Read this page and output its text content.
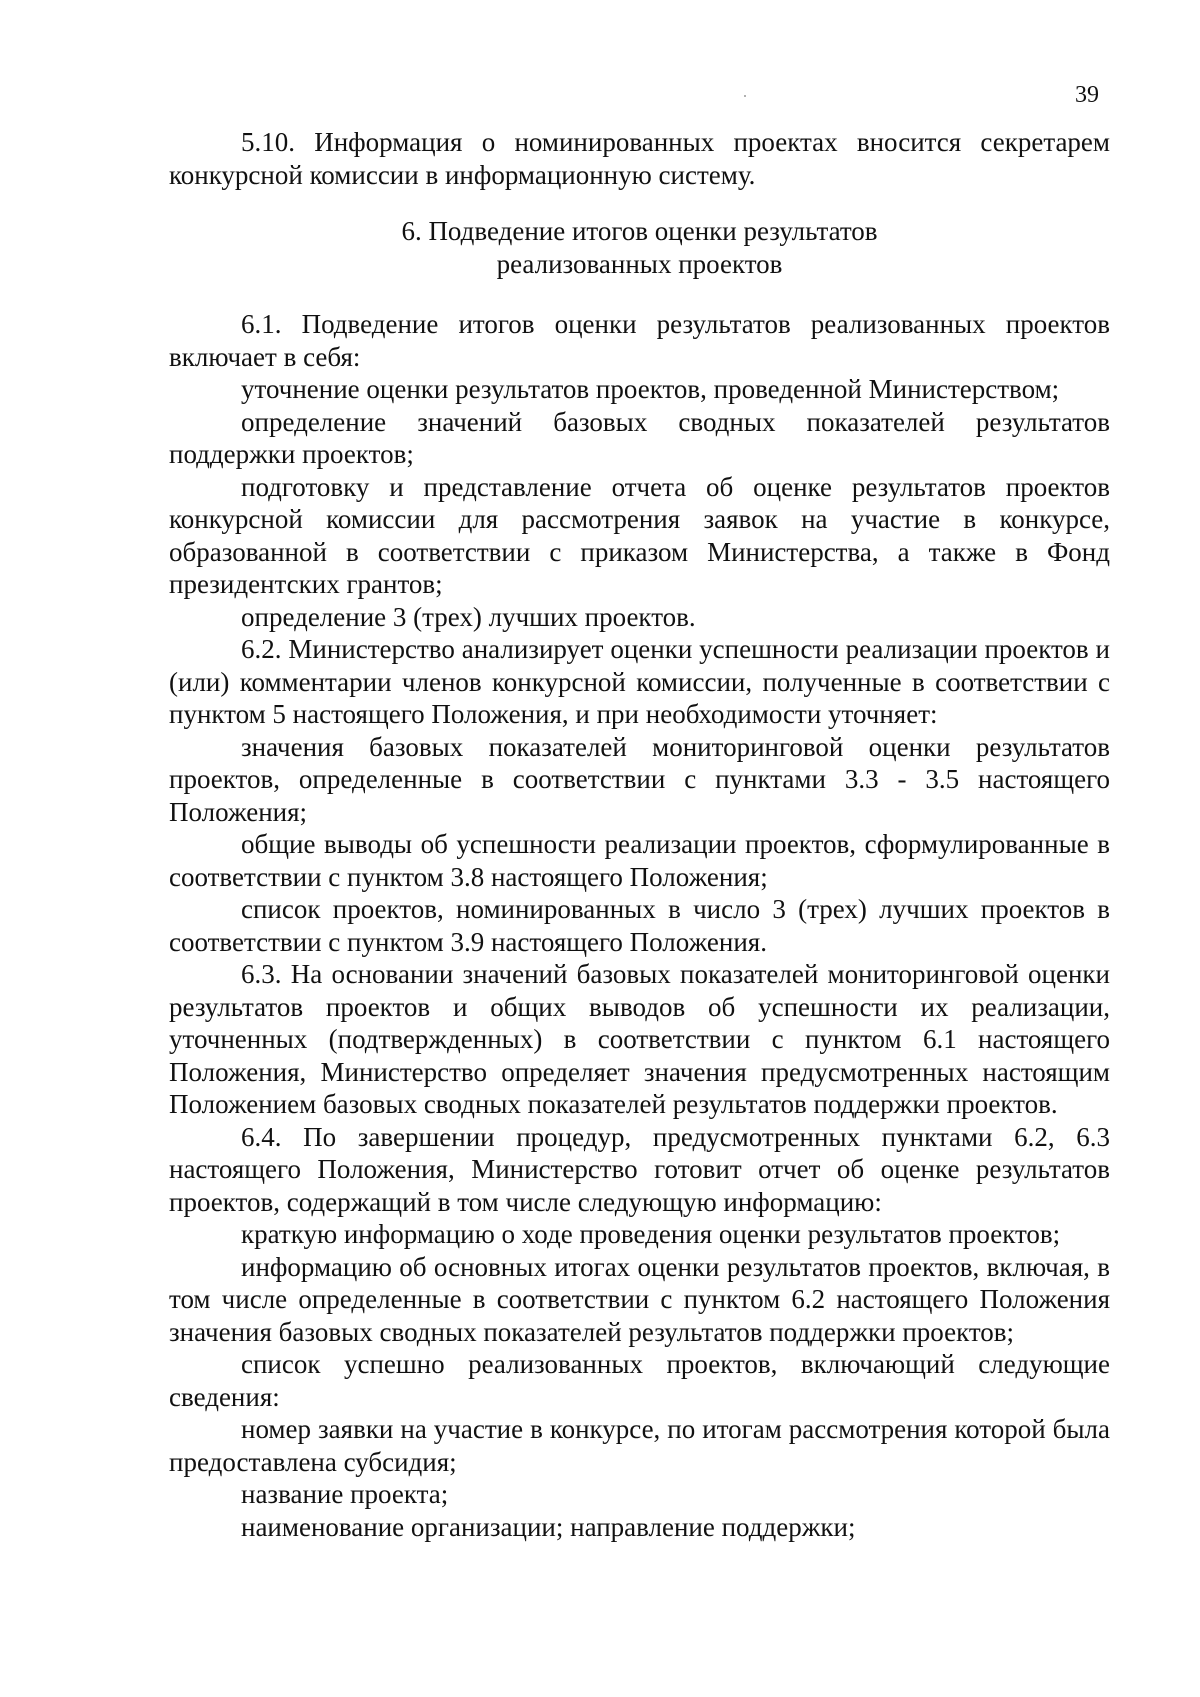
39

5.10. Информация о номинированных проектах вносится секретарем конкурсной комиссии в информационную систему.

6. Подведение итогов оценки результатов
реализованных проектов

6.1. Подведение итогов оценки результатов реализованных проектов включает в себя:

уточнение оценки результатов проектов, проведенной Министерством;

определение значений базовых сводных показателей результатов поддержки проектов;

подготовку и представление отчета об оценке результатов проектов конкурсной комиссии для рассмотрения заявок на участие в конкурсе, образованной в соответствии с приказом Министерства, а также в Фонд президентских грантов;

определение 3 (трех) лучших проектов.

6.2. Министерство анализирует оценки успешности реализации проектов и (или) комментарии членов конкурсной комиссии, полученные в соответствии с пунктом 5 настоящего Положения, и при необходимости уточняет:

значения базовых показателей мониторинговой оценки результатов проектов, определенные в соответствии с пунктами 3.3 - 3.5 настоящего Положения;

общие выводы об успешности реализации проектов, сформулированные в соответствии с пунктом 3.8 настоящего Положения;

список проектов, номинированных в число 3 (трех) лучших проектов в соответствии с пунктом 3.9 настоящего Положения.

6.3. На основании значений базовых показателей мониторинговой оценки результатов проектов и общих выводов об успешности их реализации, уточненных (подтвержденных) в соответствии с пунктом 6.1 настоящего Положения, Министерство определяет значения предусмотренных настоящим Положением базовых сводных показателей результатов поддержки проектов.

6.4. По завершении процедур, предусмотренных пунктами 6.2, 6.3 настоящего Положения, Министерство готовит отчет об оценке результатов проектов, содержащий в том числе следующую информацию:

краткую информацию о ходе проведения оценки результатов проектов;

информацию об основных итогах оценки результатов проектов, включая, в том числе определенные в соответствии с пунктом 6.2 настоящего Положения значения базовых сводных показателей результатов поддержки проектов;

список успешно реализованных проектов, включающий следующие сведения:

номер заявки на участие в конкурсе, по итогам рассмотрения которой была предоставлена субсидия;

название проекта;

наименование организации; направление поддержки;
